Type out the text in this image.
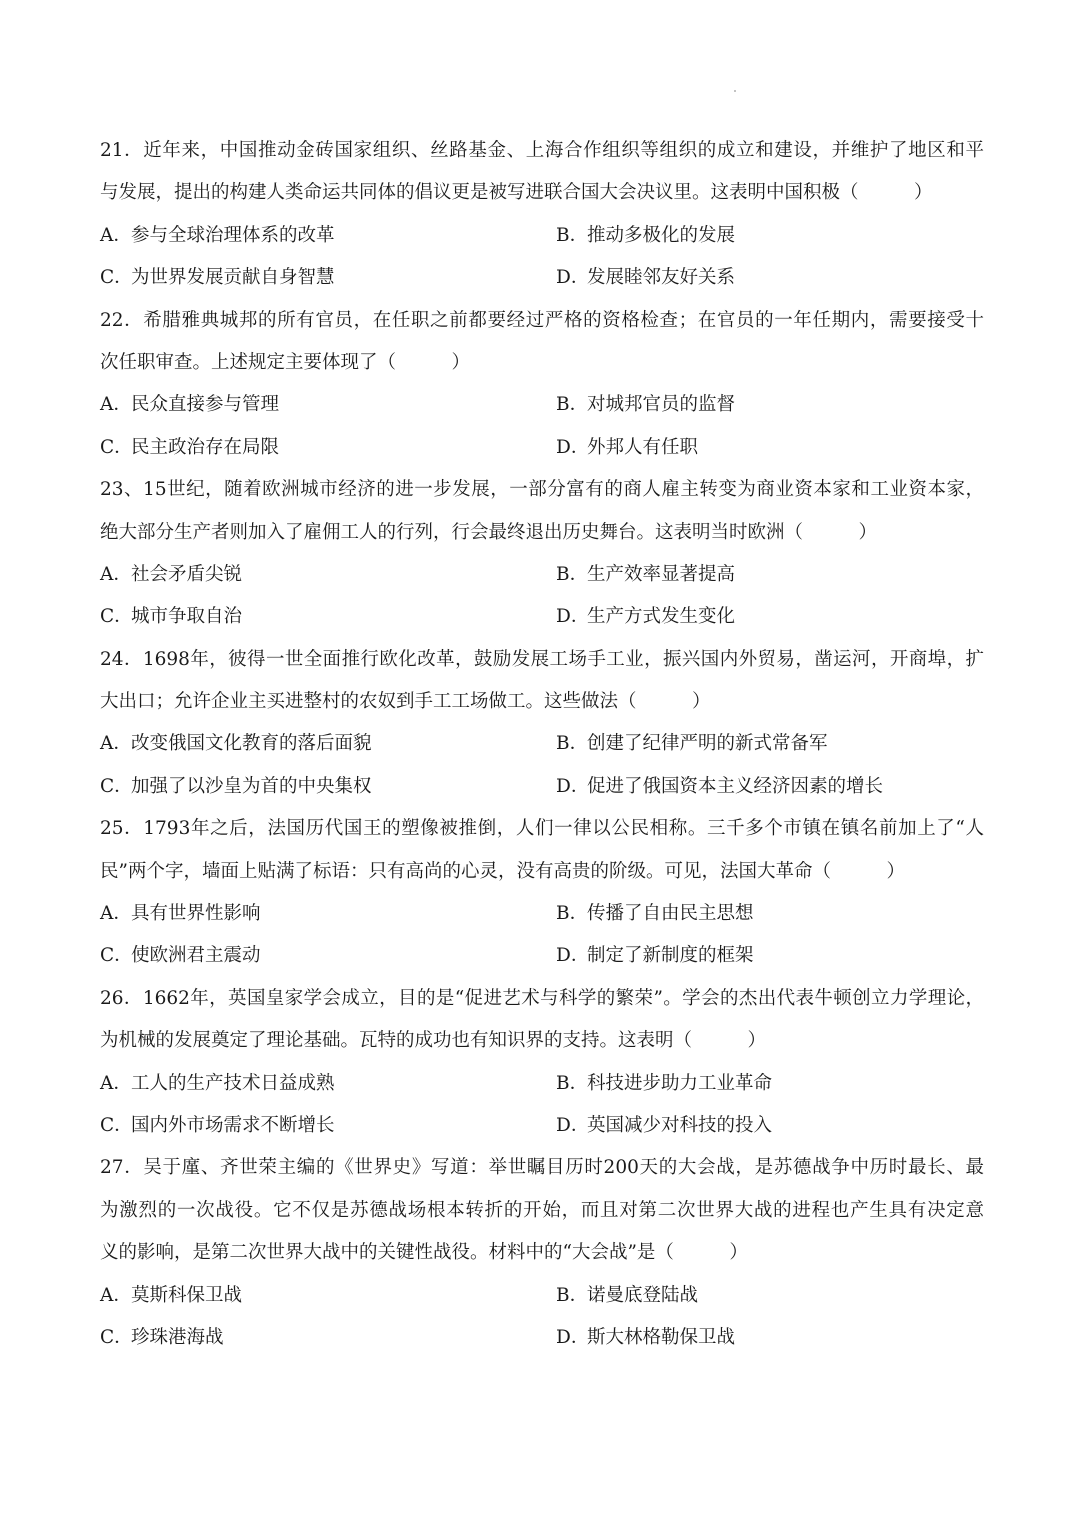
21．近年来，中国推动金砖国家组织、丝路基金、上海合作组织等组织的成立和建设，并维护了地区和平
与发展，提出的构建人类命运共同体的倡议更是被写进联合国大会决议里。这表明中国积极（　　　）
A．参与全球治理体系的改革	B．推动多极化的发展
C．为世界发展贡献自身智慧	D．发展睦邻友好关系
22．希腊雅典城邦的所有官员，在任职之前都要经过严格的资格检查；在官员的一年任期内，需要接受十
次任职审查。上述规定主要体现了（　　　）
A．民众直接参与管理	B．对城邦官员的监督
C．民主政治存在局限	D．外邦人有任职
23、15世纪，随着欧洲城市经济的进一步发展，一部分富有的商人雇主转变为商业资本家和工业资本家，
绝大部分生产者则加入了雇佣工人的行列，行会最终退出历史舞台。这表明当时欧洲（　　　）
A．社会矛盾尖锐	B．生产效率显著提高
C．城市争取自治	D．生产方式发生变化
24．1698年，彼得一世全面推行欧化改革，鼓励发展工场手工业，振兴国内外贸易，凿运河，开商埠，扩
大出口；允许企业主买进整村的农奴到手工工场做工。这些做法（　　　）
A．改变俄国文化教育的落后面貌	B．创建了纪律严明的新式常备军
C．加强了以沙皇为首的中央集权	D．促进了俄国资本主义经济因素的增长
25．1793年之后，法国历代国王的塑像被推倒，人们一律以公民相称。三千多个市镇在镇名前加上了“人
民”两个字，墙面上贴满了标语：只有高尚的心灵，没有高贵的阶级。可见，法国大革命（　　　）
A．具有世界性影响	B．传播了自由民主思想
C．使欧洲君主震动	D．制定了新制度的框架
26．1662年，英国皇家学会成立，目的是“促进艺术与科学的繁荣”。学会的杰出代表牛顿创立力学理论，
为机械的发展奠定了理论基础。瓦特的成功也有知识界的支持。这表明（　　　）
A．工人的生产技术日益成熟	B．科技进步助力工业革命
C．国内外市场需求不断增长	D．英国减少对科技的投入
27．吴于廑、齐世荣主编的《世界史》写道：举世瞩目历时200天的大会战，是苏德战争中历时最长、最
为激烈的一次战役。它不仅是苏德战场根本转折的开始，而且对第二次世界大战的进程也产生具有决定意
义的影响，是第二次世界大战中的关键性战役。材料中的“大会战”是（　　　）
A．莫斯科保卫战	B．诺曼底登陆战
C．珍珠港海战	D．斯大林格勒保卫战
